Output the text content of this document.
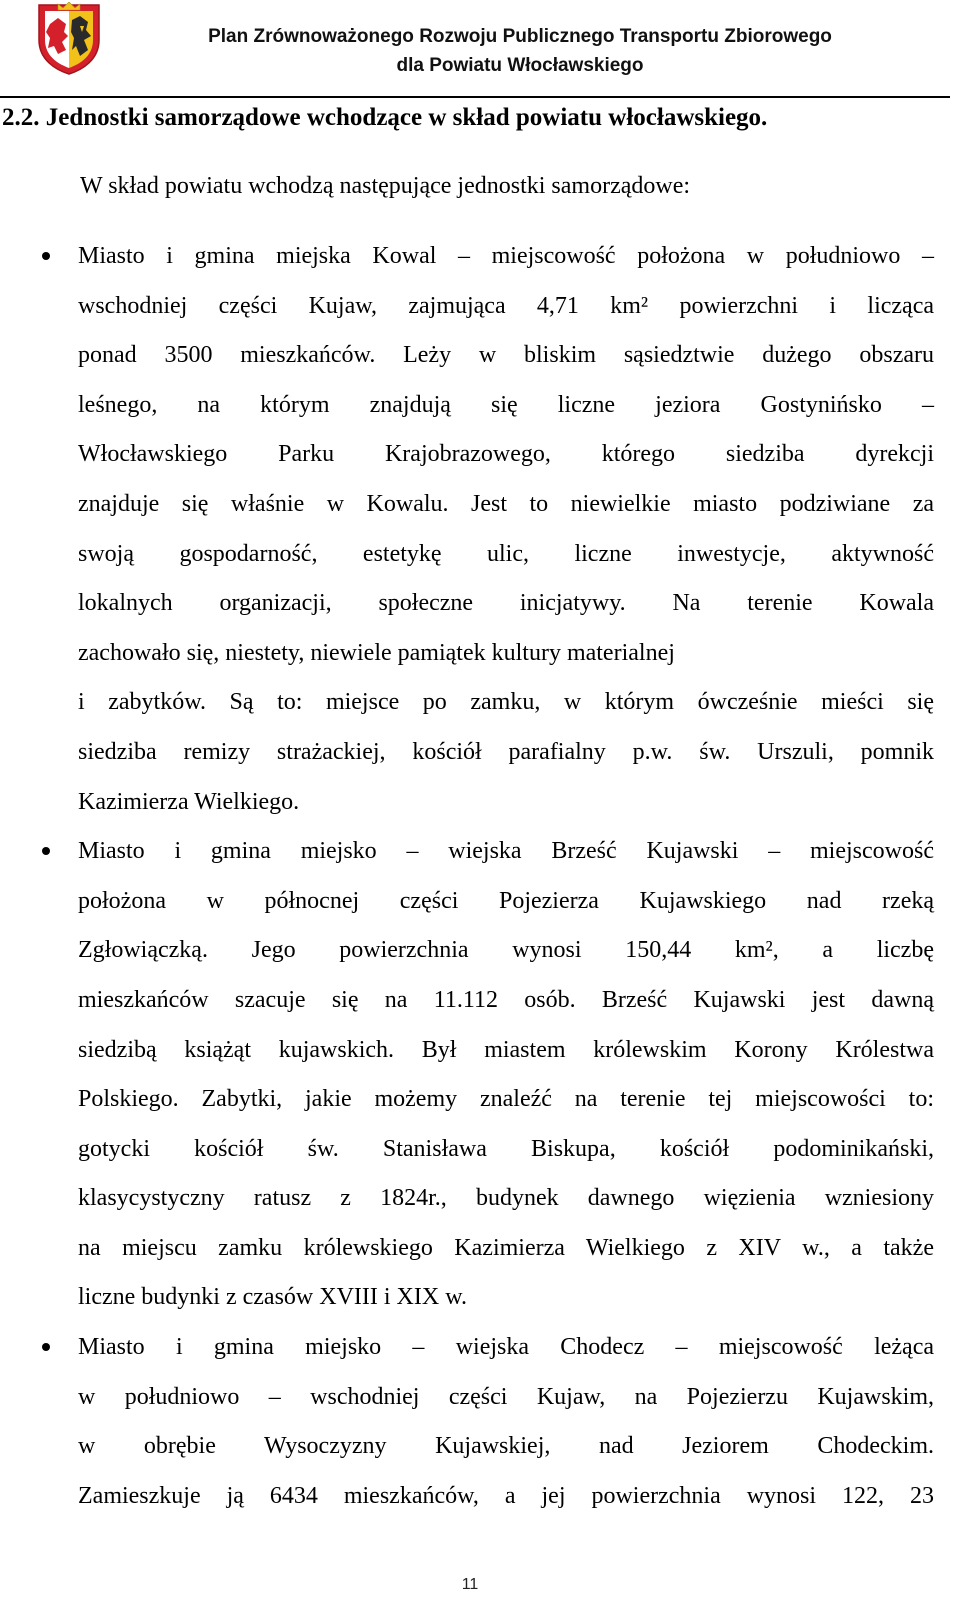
Plan Zrównoważonego Rozwoju Publicznego Transportu Zbiorowego
dla Powiatu Włocławskiego
2.2. Jednostki samorządowe wchodzące w skład powiatu włocławskiego.

W skład powiatu wchodzą następujące jednostki samorządowe:

Miasto i gmina miejska Kowal – miejscowość położona w południowo –
wschodniej części Kujaw, zajmująca 4,71 km² powierzchni i licząca
ponad 3500 mieszkańców. Leży w bliskim sąsiedztwie dużego obszaru
leśnego, na którym znajdują się liczne jeziora Gostynińsko –
Włocławskiego Parku Krajobrazowego, którego siedziba dyrekcji
znajduje się właśnie w Kowalu. Jest to niewielkie miasto podziwiane za
swoją gospodarność, estetykę ulic, liczne inwestycje, aktywność
lokalnych organizacji, społeczne inicjatywy. Na terenie Kowala
zachowało się, niestety, niewiele pamiątek kultury materialnej
i zabytków. Są to: miejsce po zamku, w którym ówcześnie mieści się
siedziba remizy strażackiej, kościół parafialny p.w. św. Urszuli, pomnik
Kazimierza Wielkiego.
Miasto i gmina miejsko – wiejska Brześć Kujawski – miejscowość
położona w północnej części Pojezierza Kujawskiego nad rzeką
Zgłowiączką. Jego powierzchnia wynosi 150,44 km², a liczbę
mieszkańców szacuje się na 11.112 osób. Brześć Kujawski jest dawną
siedzibą książąt kujawskich. Był miastem królewskim Korony Królestwa
Polskiego. Zabytki, jakie możemy znaleźć na terenie tej miejscowości to:
gotycki kościół św. Stanisława Biskupa, kościół podominikański,
klasycystyczny ratusz z 1824r., budynek dawnego więzienia wzniesiony
na miejscu zamku królewskiego Kazimierza Wielkiego z XIV w., a także
liczne budynki z czasów XVIII i XIX w.
Miasto i gmina miejsko – wiejska Chodecz – miejscowość leżąca
w południowo – wschodniej części Kujaw, na Pojezierzu Kujawskim,
w obrębie Wysoczyzny Kujawskiej, nad Jeziorem Chodeckim.
Zamieszkuje ją 6434 mieszkańców, a jej powierzchnia wynosi 122, 23
11
